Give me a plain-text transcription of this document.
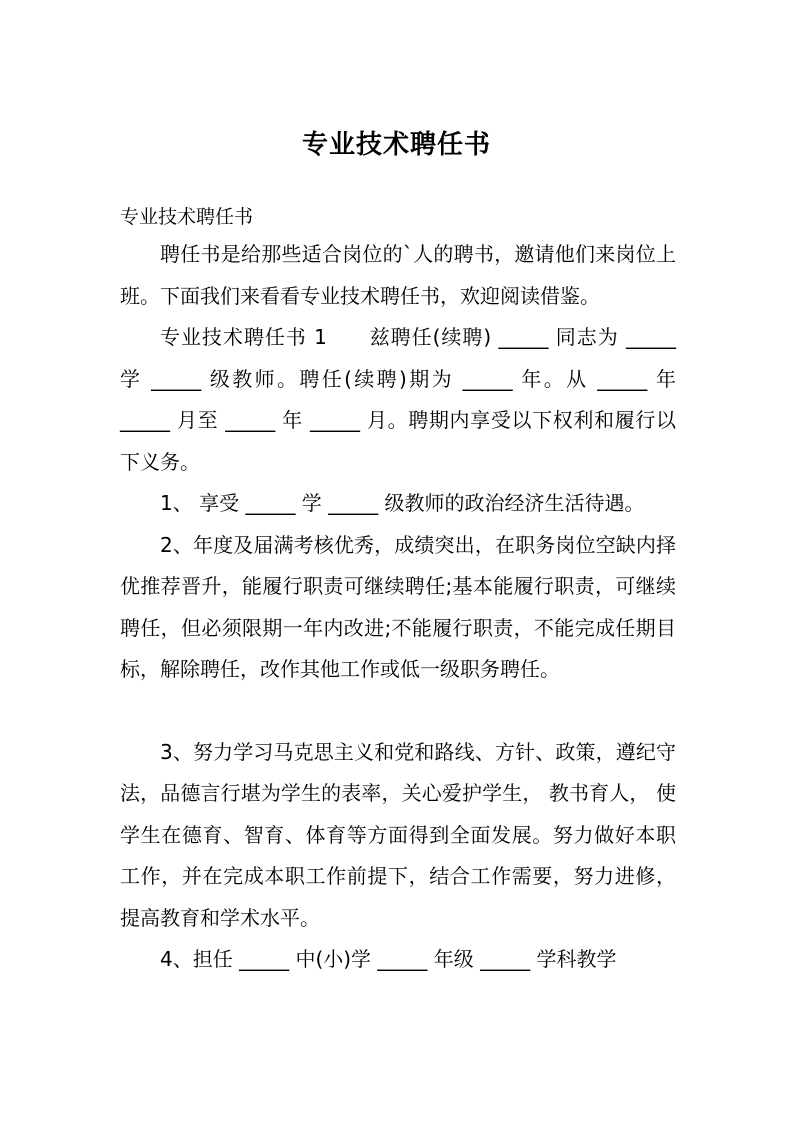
专业技术聘任书
专业技术聘任书

聘任书是给那些适合岗位的`人的聘书，邀请他们来岗位上班。下面我们来看看专业技术聘任书，欢迎阅读借鉴。

专业技术聘任书 1　　兹聘任(续聘) _____ 同志为 _____ 学 _____ 级教师。聘任(续聘)期为 _____ 年。从 _____ 年 _____ 月至 _____ 年 _____ 月。聘期内享受以下权利和履行以下义务。

1、 享受 _____ 学 _____ 级教师的政治经济生活待遇。

2、年度及届满考核优秀，成绩突出，在职务岗位空缺内择优推荐晋升，能履行职责可继续聘任;基本能履行职责，可继续聘任，但必须限期一年内改进;不能履行职责，不能完成任期目标，解除聘任，改作其他工作或低一级职务聘任。

3、努力学习马克思主义和党和路线、方针、政策，遵纪守法，品德言行堪为学生的表率，关心爱护学生， 教书育人， 使学生在德育、智育、体育等方面得到全面发展。努力做好本职工作，并在完成本职工作前提下，结合工作需要，努力进修，提高教育和学术水平。

4、担任 _____ 中(小)学 _____ 年级 _____ 学科教学
